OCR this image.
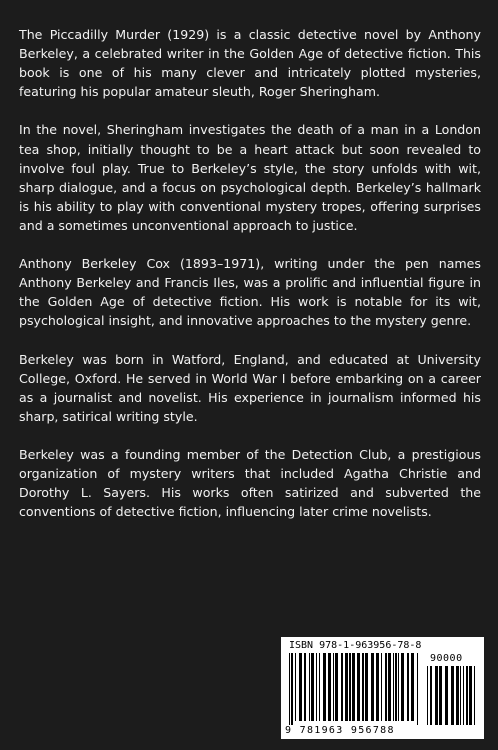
The Piccadilly Murder (1929) is a classic detective novel by Anthony Berkeley, a celebrated writer in the Golden Age of detective fiction. This book is one of his many clever and intricately plotted mysteries, featuring his popular amateur sleuth, Roger Sheringham.

In the novel, Sheringham investigates the death of a man in a London tea shop, initially thought to be a heart attack but soon revealed to involve foul play. True to Berkeley’s style, the story unfolds with wit, sharp dialogue, and a focus on psychological depth. Berkeley’s hallmark is his ability to play with conventional mystery tropes, offering surprises and a sometimes unconventional approach to justice.

Anthony Berkeley Cox (1893–1971), writing under the pen names Anthony Berkeley and Francis Iles, was a prolific and influential figure in the Golden Age of detective fiction. His work is notable for its wit, psychological insight, and innovative approaches to the mystery genre.

Berkeley was born in Watford, England, and educated at University College, Oxford. He served in World War I before embarking on a career as a journalist and novelist. His experience in journalism informed his sharp, satirical writing style.

Berkeley was a founding member of the Detection Club, a prestigious organization of mystery writers that included Agatha Christie and Dorothy L. Sayers. His works often satirized and subverted the conventions of detective fiction, influencing later crime novelists.

ISBN 978-1-963956-78-8
90000
9 781963 956788
